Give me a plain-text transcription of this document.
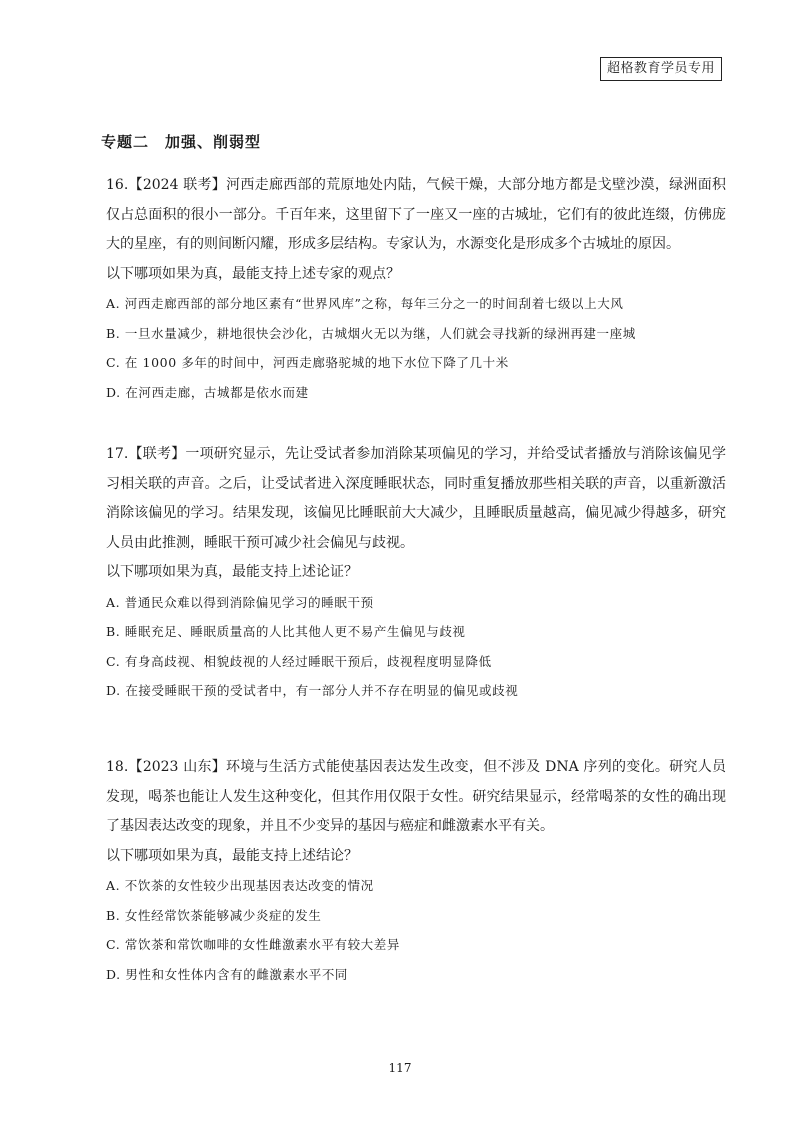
超格教育学员专用
专题二　加强、削弱型

16.【2024 联考】河西走廊西部的荒原地处内陆，气候干燥，大部分地方都是戈壁沙漠，绿洲面积仅占总面积的很小一部分。千百年来，这里留下了一座又一座的古城址，它们有的彼此连缀，仿佛庞大的星座，有的则间断闪耀，形成多层结构。专家认为，水源变化是形成多个古城址的原因。

以下哪项如果为真，最能支持上述专家的观点？

A. 河西走廊西部的部分地区素有“世界风库”之称，每年三分之一的时间刮着七级以上大风

B. 一旦水量减少，耕地很快会沙化，古城烟火无以为继，人们就会寻找新的绿洲再建一座城

C. 在 1000 多年的时间中，河西走廊骆驼城的地下水位下降了几十米

D. 在河西走廊，古城都是依水而建

17.【联考】一项研究显示，先让受试者参加消除某项偏见的学习，并给受试者播放与消除该偏见学习相关联的声音。之后，让受试者进入深度睡眠状态，同时重复播放那些相关联的声音，以重新激活消除该偏见的学习。结果发现，该偏见比睡眠前大大减少，且睡眠质量越高，偏见减少得越多，研究人员由此推测，睡眠干预可减少社会偏见与歧视。

以下哪项如果为真，最能支持上述论证？

A. 普通民众难以得到消除偏见学习的睡眠干预

B. 睡眠充足、睡眠质量高的人比其他人更不易产生偏见与歧视

C. 有身高歧视、相貌歧视的人经过睡眠干预后，歧视程度明显降低

D. 在接受睡眠干预的受试者中，有一部分人并不存在明显的偏见或歧视

18.【2023 山东】环境与生活方式能使基因表达发生改变，但不涉及 DNA 序列的变化。研究人员发现，喝茶也能让人发生这种变化，但其作用仅限于女性。研究结果显示，经常喝茶的女性的确出现了基因表达改变的现象，并且不少变异的基因与癌症和雌激素水平有关。

以下哪项如果为真，最能支持上述结论？

A. 不饮茶的女性较少出现基因表达改变的情况

B. 女性经常饮茶能够减少炎症的发生

C. 常饮茶和常饮咖啡的女性雌激素水平有较大差异

D. 男性和女性体内含有的雌激素水平不同

117
